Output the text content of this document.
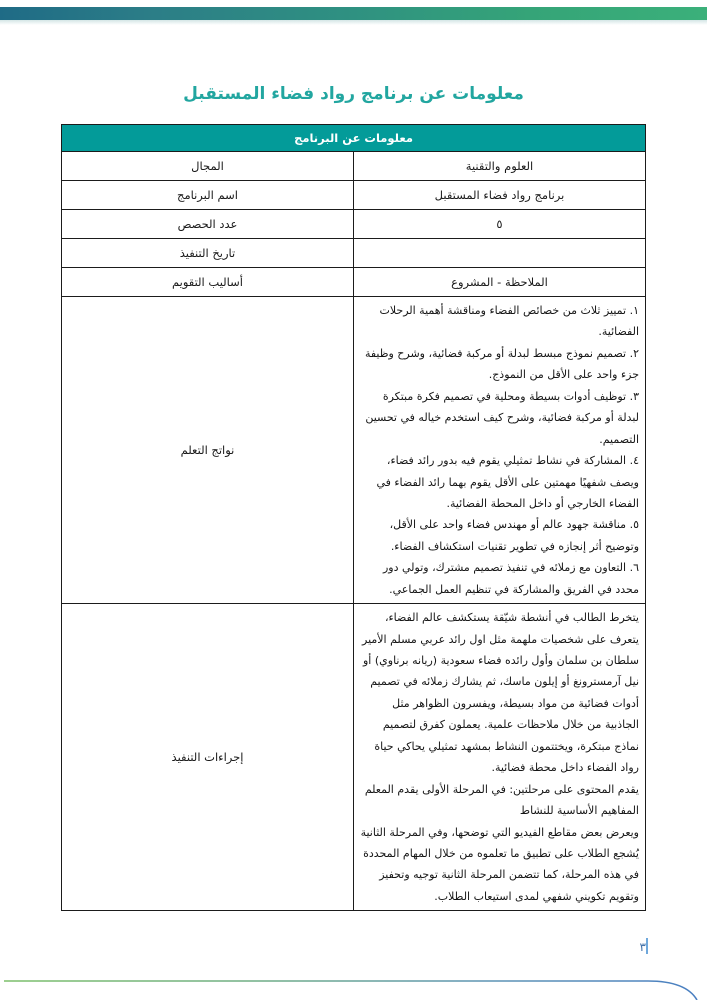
معلومات عن برنامج رواد فضاء المستقبل
معلومات عن البرنامج	
العلوم والتقنية	المجال
برنامج رواد فضاء المستقبل	اسم البرنامج
٥	عدد الحصص
	تاريخ التنفيذ
الملاحظة - المشروع	أساليب التقويم

١. تمييز ثلاث من خصائص الفضاء ومناقشة أهمية الرحلات الفضائية.
٢. تصميم نموذج مبسط لبدلة أو مركبة فضائية، وشرح وظيفة جزء واحد على الأقل من النموذج.
٣. توظيف أدوات بسيطة ومحلية في تصميم فكرة مبتكرة لبدلة أو مركبة فضائية، وشرح كيف استخدم خياله في تحسين التصميم.
٤. المشاركة في نشاط تمثيلي يقوم فيه بدور رائد فضاء، ويصف شفهيًا مهمتين على الأقل يقوم بهما رائد الفضاء في الفضاء الخارجي أو داخل المحطة الفضائية.
٥. مناقشة جهود عالم أو مهندس فضاء واحد على الأقل، وتوضيح أثر إنجازه في تطوير تقنيات استكشاف الفضاء.
٦. التعاون مع زملائه في تنفيذ تصميم مشترك، وتولي دور محدد في الفريق والمشاركة في تنظيم العمل الجماعي.
	نواتج التعلم

يتخرط الطالب في أنشطة شيّقة يستكشف عالم الفضاء، يتعرف على شخصيات ملهمة مثل اول رائد عربي مسلم الأمير سلطان بن سلمان وأول رائده فضاء سعودية (ريانه برناوي) أو نيل آرمسترونغ أو إيلون ماسك، ثم يشارك زملائه في تصميم أدوات فضائية من مواد بسيطة، ويفسرون الظواهر مثل الجاذبية من خلال ملاحظات علمية. يعملون كفرق لتصميم نماذج مبتكرة، ويختتمون النشاط بمشهد تمثيلي يحاكي حياة رواد الفضاء داخل محطة فضائية.
يقدم المحتوى على مرحلتين: في المرحلة الأولى يقدم المعلم المفاهيم الأساسية للنشاط
ويعرض بعض مقاطع الفيديو التي توضحها، وفي المرحلة الثانية يُشجع الطلاب على تطبيق ما تعلموه من خلال المهام المحددة في هذه المرحلة، كما تتضمن المرحلة الثانية توجيه وتحفيز وتقويم تكويني شفهي لمدى استيعاب الطلاب.	إجراءات التنفيذ
٣
